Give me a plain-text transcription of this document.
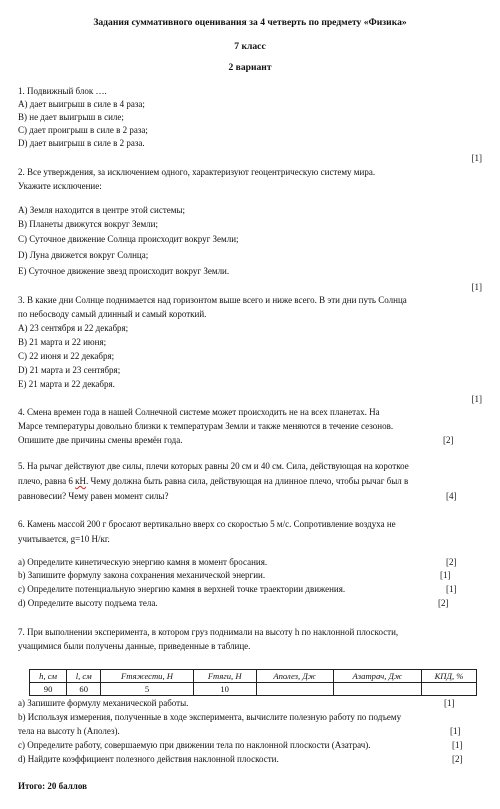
Задания суммативного оценивания за 4 четверть по предмету «Физика»
7 класс
2 вариант
1. Подвижный блок ….
А) дает выигрыш в силе в 4 раза;
В) не дает выигрыш в силе;
С) дает проигрыш в силе в 2 раза;
D) дает выигрыш в силе в 2 раза.
[1]
2. Все утверждения, за исключением одного, характеризуют геоцентрическую систему мира.
Укажите исключение:
А) Земля находится в центре этой системы;
В) Планеты движутся вокруг Земли;
С) Суточное движение Солнца происходит вокруг Земли;
D) Луна движется вокруг Солнца;
Е) Суточное движение звезд происходит вокруг Земли.
[1]
3. В какие дни Солнце поднимается над горизонтом выше всего и ниже всего. В эти дни путь Солнца
по небосводу самый длинный и самый короткий.
А) 23 сентября и 22 декабря;
В) 21 марта и 22 июня;
С) 22 июня и 22 декабря;
D) 21 марта и 23 сентября;
Е) 21 марта и 22 декабря.
[1]
4. Смена времен года в нашей Солнечной системе может происходить не на всех планетах. На
Марсе температуры довольно близки к температурам Земли и также меняются в течение сезонов.
Опишите две причины смены времён года.	[2]
5. На рычаг действуют две силы, плечи которых равны 20 см и 40 см. Сила, действующая на короткое
плечо, равна 6 кН. Чему должна быть равна сила, действующая на длинное плечо, чтобы рычаг был в
равновесии? Чему равен момент силы?	[4]
6. Камень массой 200 г бросают вертикально вверх со скоростью 5 м/с. Сопротивление воздуха не
учитывается, g=10 Н/кг.
a) Определите кинетическую энергию камня в момент бросания.	[2]
b) Запишите формулу закона сохранения механической энергии.	[1]
c) Определите потенциальную энергию камня в верхней точке траектории движения.	[1]
d) Определите высоту подъема тела.	[2]
7. При выполнении эксперимента, в котором груз поднимали на высоту h по наклонной плоскости,
учащимися были получены данные, приведенные в таблице.
h, см	l, см	Fтяжести, Н	Fтяги, Н	Аполез, Дж	Азатрач, Дж	КПД, %
90	60	5	10			
a) Запишите формулу механической работы.	[1]
b) Используя измерения, полученные в ходе эксперимента, вычислите полезную работу по подъему
тела на высоту h (Аполез).	[1]
c) Определите работу, совершаемую при движении тела по наклонной плоскости (Азатрач).	[1]
d) Найдите коэффициент полезного действия наклонной плоскости.	[2]
Итого: 20 баллов
